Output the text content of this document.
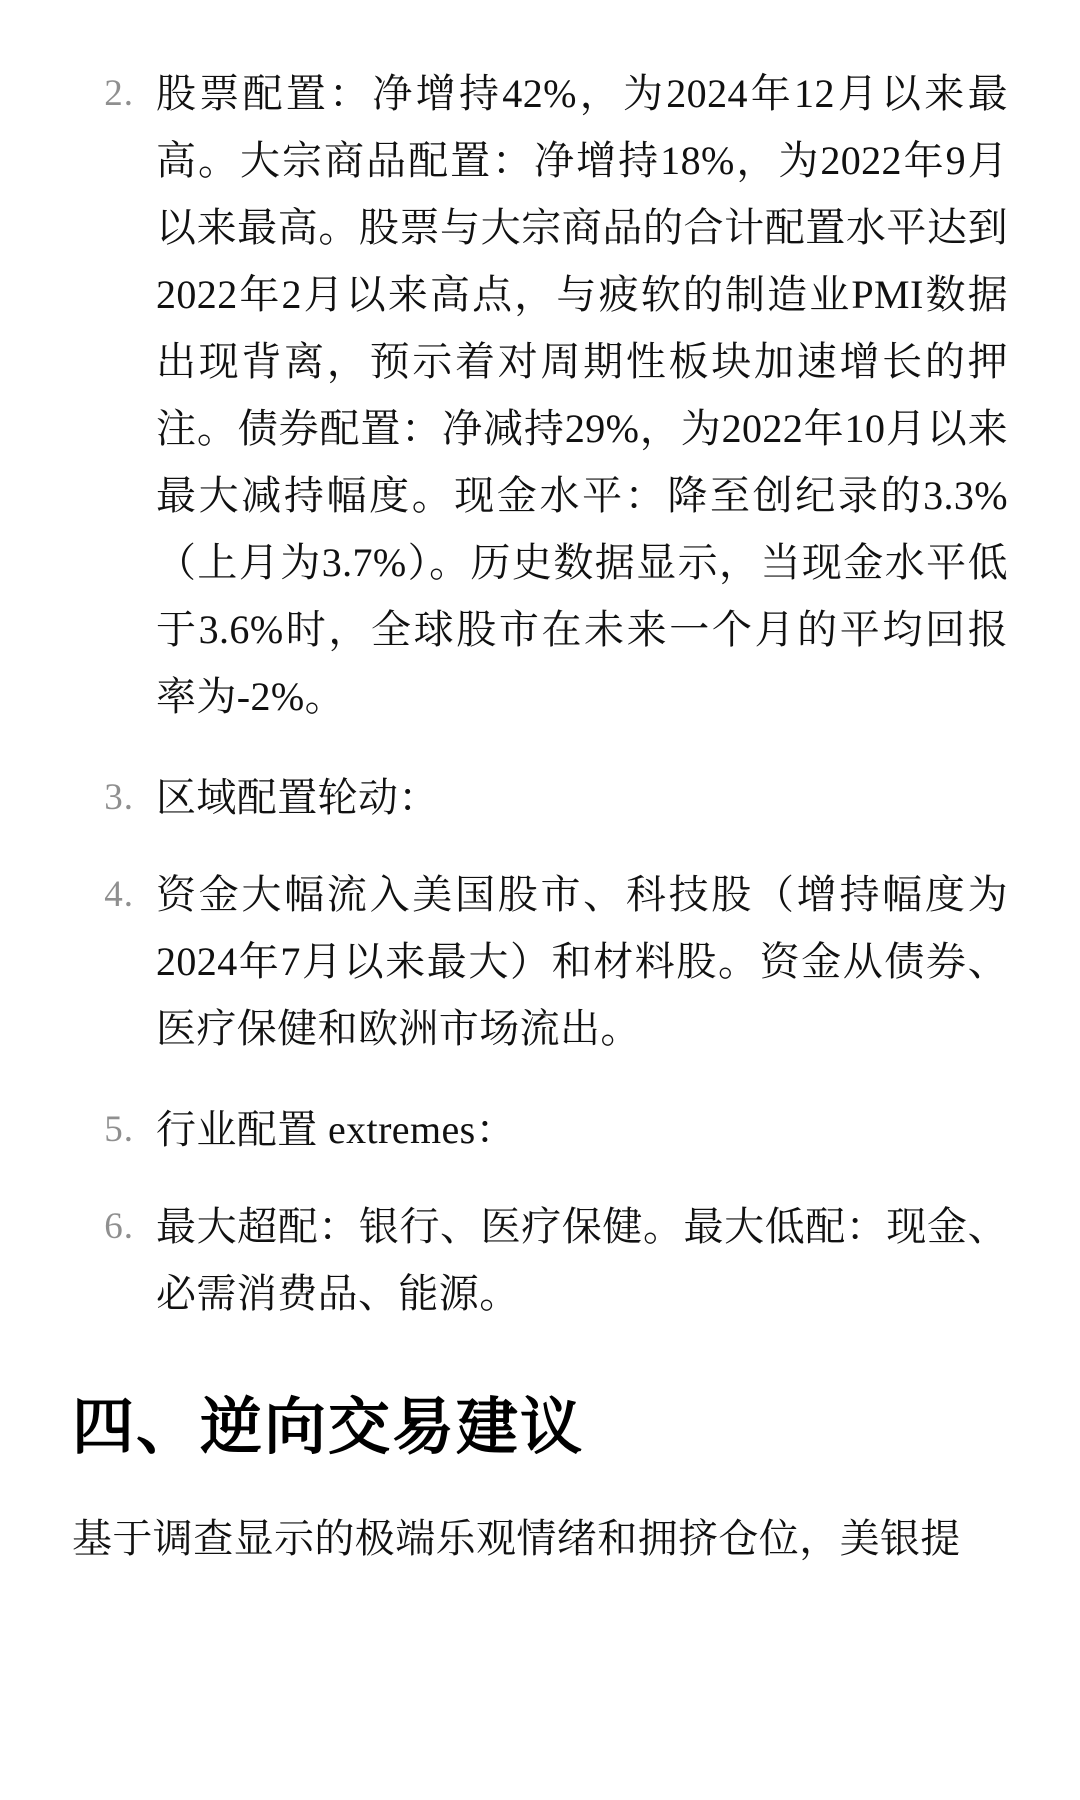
2. 股票配置：净增持42%，为2024年12月以来最高。大宗商品配置：净增持18%，为2022年9月以来最高。股票与大宗商品的合计配置水平达到2022年2月以来高点，与疲软的制造业PMI数据出现背离，预示着对周期性板块加速增长的押注。债券配置：净减持29%，为2022年10月以来最大减持幅度。现金水平：降至创纪录的3.3%（上月为3.7%）。历史数据显示，当现金水平低于3.6%时，全球股市在未来一个月的平均回报率为-2%。
3. 区域配置轮动：
4. 资金大幅流入美国股市、科技股（增持幅度为2024年7月以来最大）和材料股。资金从债券、医疗保健和欧洲市场流出。
5. 行业配置 extremes：
6. 最大超配：银行、医疗保健。最大低配：现金、必需消费品、能源。
四、逆向交易建议

基于调查显示的极端乐观情绪和拥挤仓位，美银提
